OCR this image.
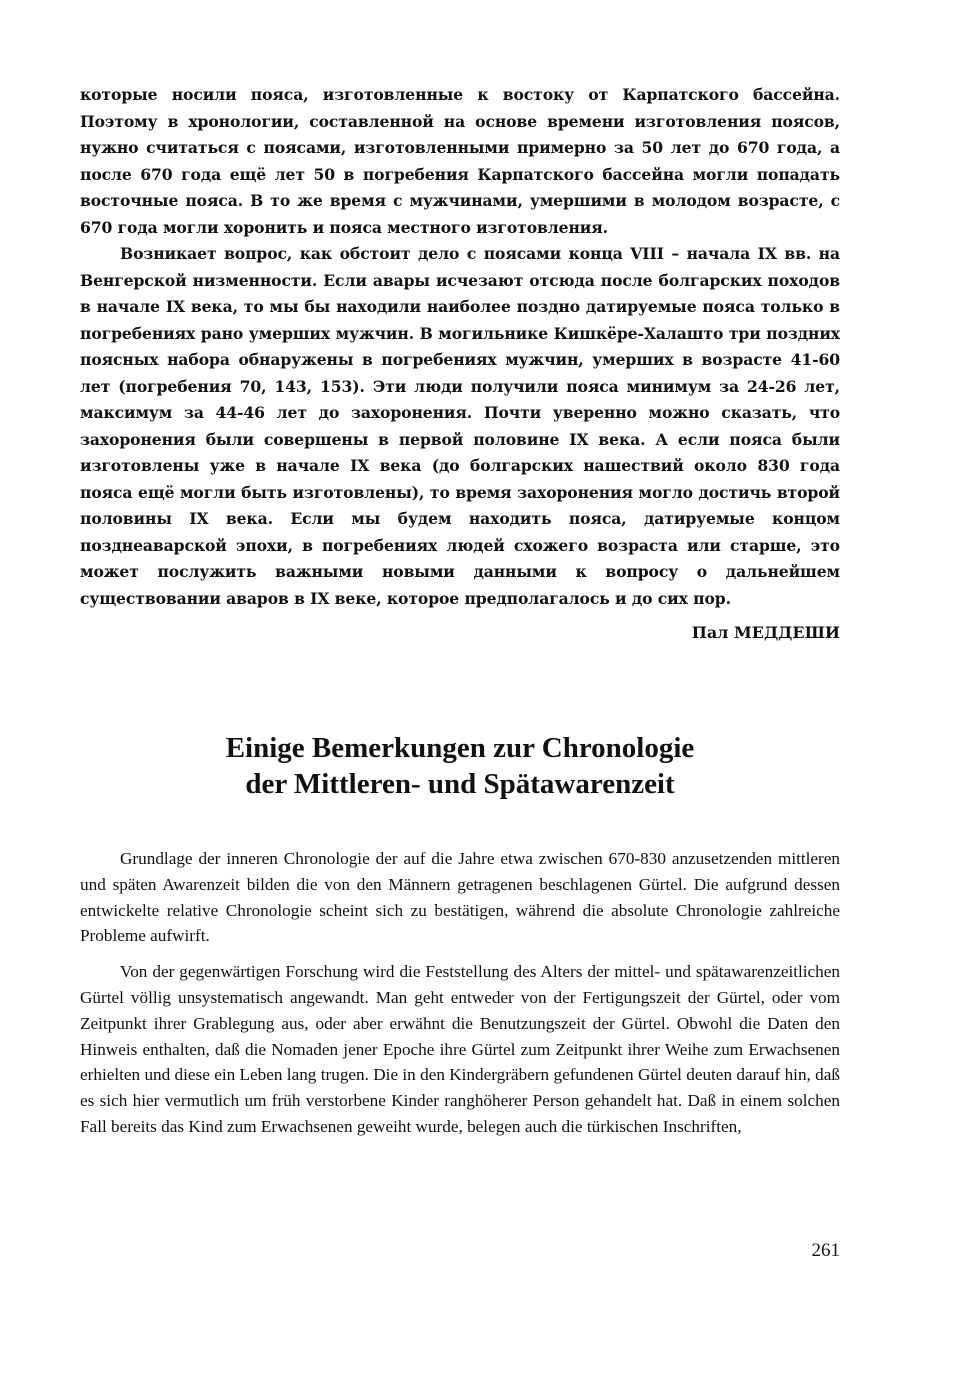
которые носили пояса, изготовленные к востоку от Карпатского бассейна. Поэтому в хронологии, составленной на основе времени изготовления поясов, нужно считаться с поясами, изготовленными примерно за 50 лет до 670 года, а после 670 года ещё лет 50 в погребения Карпатского бассейна могли попадать восточные пояса. В то же время с мужчинами, умершими в молодом возрасте, с 670 года могли хоронить и пояса местного изготовления.

Возникает вопрос, как обстоит дело с поясами конца VIII – начала IX вв. на Венгерской низменности. Если авары исчезают отсюда после болгарских походов в начале IX века, то мы бы находили наиболее поздно датируемые пояса только в погребениях рано умерших мужчин. В могильнике Кишкёре-Халашто три поздних поясных набора обнаружены в погребениях мужчин, умерших в возрасте 41-60 лет (погребения 70, 143, 153). Эти люди получили пояса минимум за 24-26 лет, максимум за 44-46 лет до захоронения. Почти уверенно можно сказать, что захоронения были совершены в первой половине IX века. А если пояса были изготовлены уже в начале IX века (до болгарских нашествий около 830 года пояса ещё могли быть изготовлены), то время захоронения могло достичь второй половины IX века. Если мы будем находить пояса, датируемые концом позднеаварской эпохи, в погребениях людей схожего возраста или старше, это может послужить важными новыми данными к вопросу о дальнейшем существовании аваров в IX веке, которое предполагалось и до сих пор.

Пал МЕДДЕШИ

Einige Bemerkungen zur Chronologie
der Mittleren- und Spätawarenzeit

Grundlage der inneren Chronologie der auf die Jahre etwa zwischen 670-830 anzusetzenden mittleren und späten Awarenzeit bilden die von den Männern getragenen beschlagenen Gürtel. Die aufgrund dessen entwickelte relative Chronologie scheint sich zu bestätigen, während die absolute Chronologie zahlreiche Probleme aufwirft.

Von der gegenwärtigen Forschung wird die Feststellung des Alters der mittel- und spätawarenzeitlichen Gürtel völlig unsystematisch angewandt. Man geht entweder von der Fertigungszeit der Gürtel, oder vom Zeitpunkt ihrer Grablegung aus, oder aber erwähnt die Benutzungszeit der Gürtel. Obwohl die Daten den Hinweis enthalten, daß die Nomaden jener Epoche ihre Gürtel zum Zeitpunkt ihrer Weihe zum Erwachsenen erhielten und diese ein Leben lang trugen. Die in den Kindergräbern gefundenen Gürtel deuten darauf hin, daß es sich hier vermutlich um früh verstorbene Kinder ranghöherer Person gehandelt hat. Daß in einem solchen Fall bereits das Kind zum Erwachsenen geweiht wurde, belegen auch die türkischen Inschriften,

261
